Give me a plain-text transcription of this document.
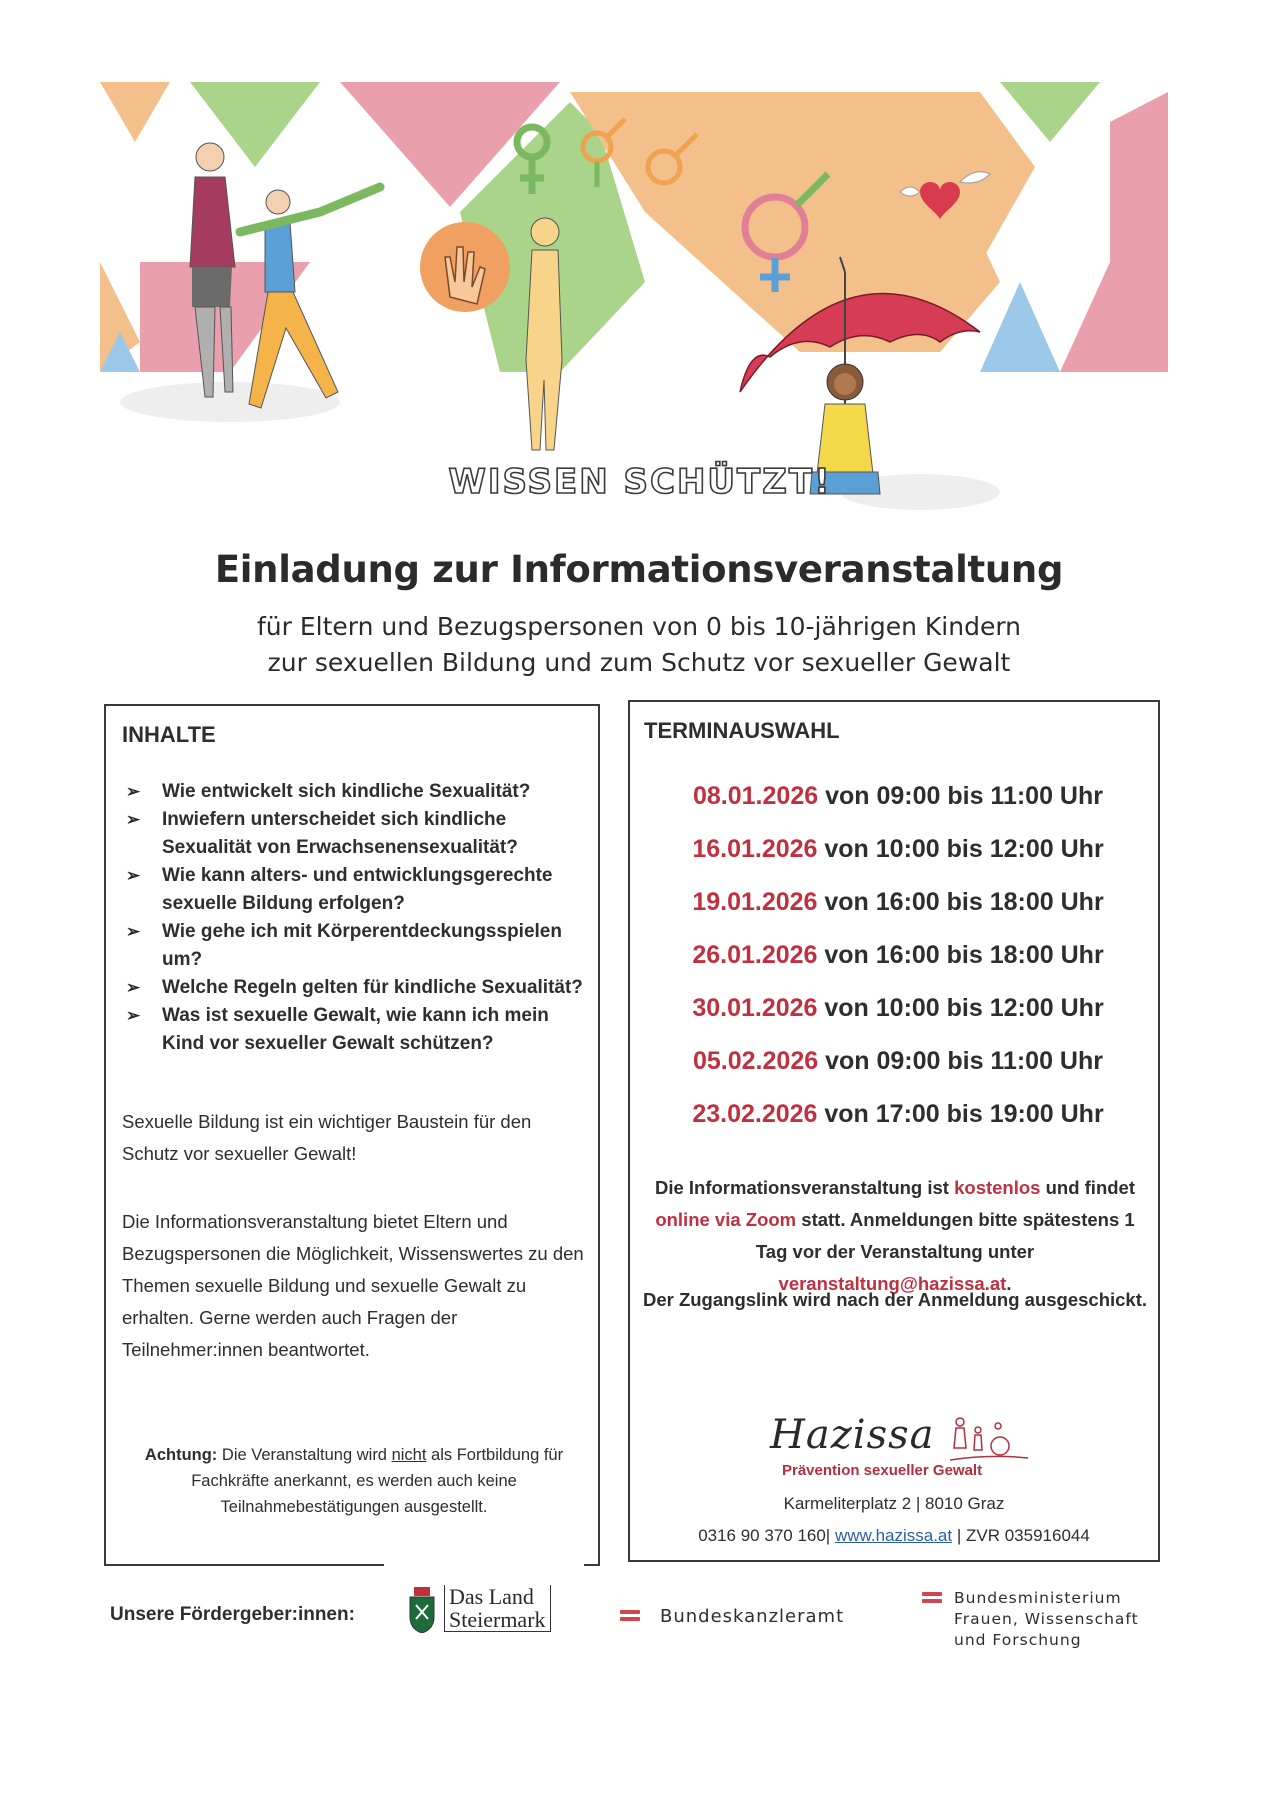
WISSEN SCHÜTZT!
Einladung zur Informationsveranstaltung
für Eltern und Bezugspersonen von 0 bis 10-jährigen Kindern
zur sexuellen Bildung und zum Schutz vor sexueller Gewalt
INHALTE
➢	Wie entwickelt sich kindliche Sexualität?
➢	Inwiefern unterscheidet sich kindliche Sexualität von Erwachsenensexualität?
➢	Wie kann alters- und entwicklungsgerechte sexuelle Bildung erfolgen?
➢	Wie gehe ich mit Körperentdeckungsspielen um?
➢	Welche Regeln gelten für kindliche Sexualität?
➢	Was ist sexuelle Gewalt, wie kann ich mein Kind vor sexueller Gewalt schützen?

Sexuelle Bildung ist ein wichtiger Baustein für den Schutz vor sexueller Gewalt!

Die Informationsveranstaltung bietet Eltern und Bezugspersonen die Möglichkeit, Wissenswertes zu den Themen sexuelle Bildung und sexuelle Gewalt zu erhalten. Gerne werden auch Fragen der Teilnehmer:innen beantwortet.

Achtung: Die Veranstaltung wird nicht als Fortbildung für Fachkräfte anerkannt, es werden auch keine Teilnahmebestätigungen ausgestellt.

TERMINAUSWAHL
08.01.2026 von 09:00 bis 11:00 Uhr
16.01.2026 von 10:00 bis 12:00 Uhr
19.01.2026 von 16:00 bis 18:00 Uhr
26.01.2026 von 16:00 bis 18:00 Uhr
30.01.2026 von 10:00 bis 12:00 Uhr
05.02.2026 von 09:00 bis 11:00 Uhr
23.02.2026 von 17:00 bis 19:00 Uhr

Die Informationsveranstaltung ist kostenlos und findet online via Zoom statt. Anmeldungen bitte spätestens 1 Tag vor der Veranstaltung unter veranstaltung@hazissa.at.

Der Zugangslink wird nach der Anmeldung ausgeschickt.

Hazissa
Prävention sexueller Gewalt
Karmeliterplatz 2 | 8010 Graz
0316 90 370 160| www.hazissa.at | ZVR 035916044
Unsere Fördergeber:innen:
Das Land
Steiermark	Bundeskanzleramt
Bundesministerium
Frauen, Wissenschaft
und Forschung
